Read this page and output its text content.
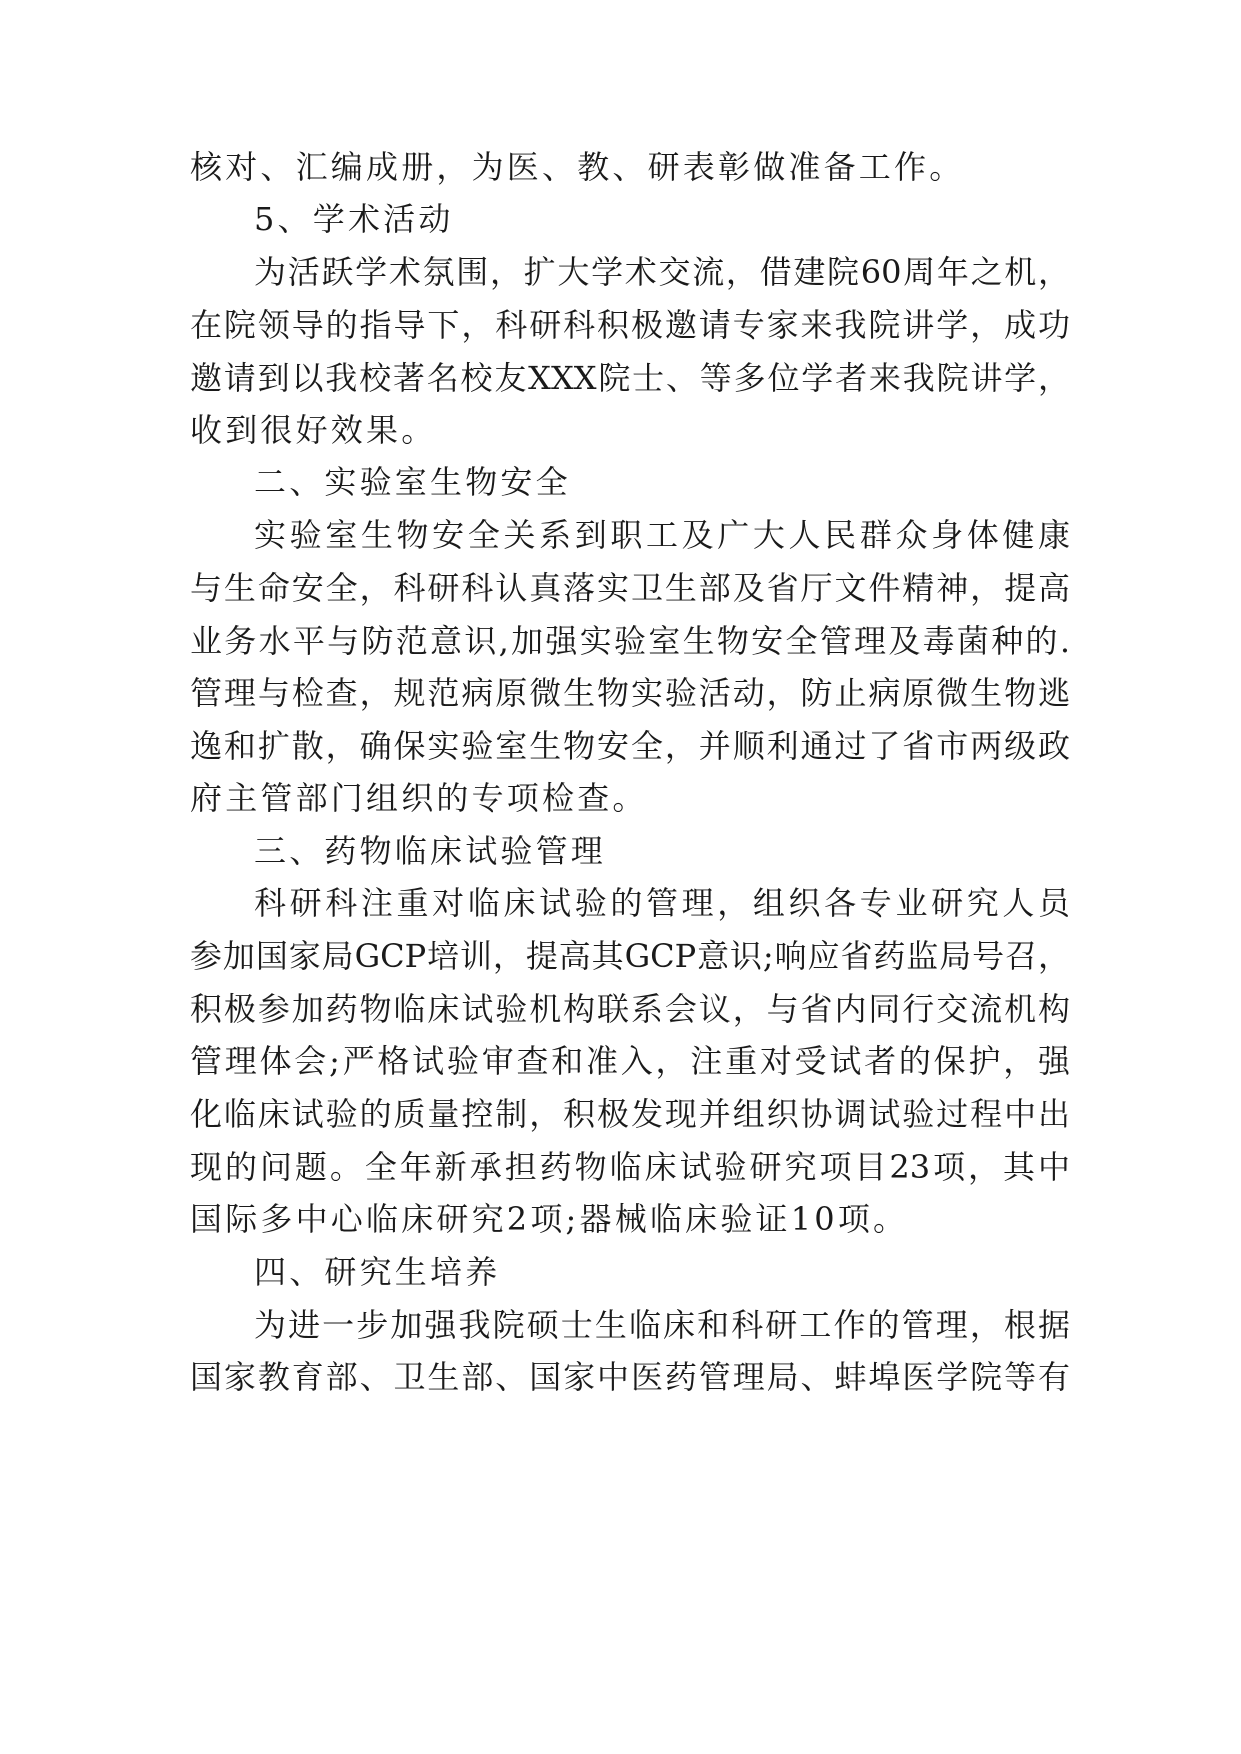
核对、汇编成册，为医、教、研表彰做准备工作。
5、学术活动
为活跃学术氛围，扩大学术交流，借建院60周年之机，
在院领导的指导下，科研科积极邀请专家来我院讲学，成功
邀请到以我校著名校友XXX院士、等多位学者来我院讲学，
收到很好效果。
二、实验室生物安全
实验室生物安全关系到职工及广大人民群众身体健康
与生命安全，科研科认真落实卫生部及省厅文件精神，提高
业务水平与防范意识,加强实验室生物安全管理及毒菌种的.
管理与检查，规范病原微生物实验活动，防止病原微生物逃
逸和扩散，确保实验室生物安全，并顺利通过了省市两级政
府主管部门组织的专项检查。
三、药物临床试验管理
科研科注重对临床试验的管理，组织各专业研究人员
参加国家局GCP培训，提高其GCP意识;响应省药监局号召，
积极参加药物临床试验机构联系会议，与省内同行交流机构
管理体会;严格试验审查和准入，注重对受试者的保护，强
化临床试验的质量控制，积极发现并组织协调试验过程中出
现的问题。全年新承担药物临床试验研究项目23项，其中
国际多中心临床研究2项;器械临床验证10项。
四、研究生培养
为进一步加强我院硕士生临床和科研工作的管理，根据
国家教育部、卫生部、国家中医药管理局、蚌埠医学院等有
